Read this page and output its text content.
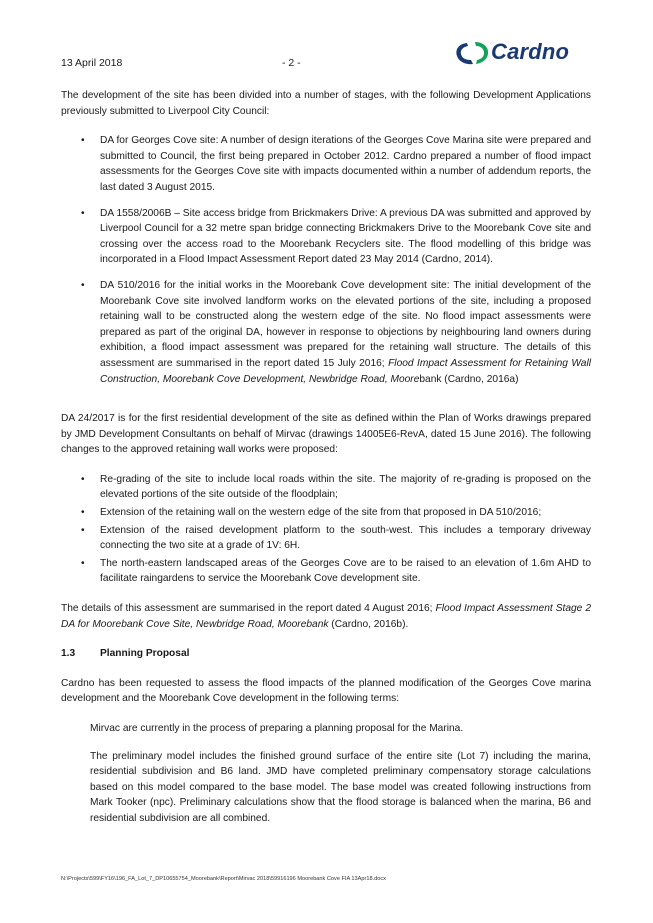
13 April 2018	- 2 -	Cardno

The development of the site has been divided into a number of stages, with the following Development Applications previously submitted to Liverpool City Council:

• DA for Georges Cove site: A number of design iterations of the Georges Cove Marina site were prepared and submitted to Council, the first being prepared in October 2012. Cardno prepared a number of flood impact assessments for the Georges Cove site with impacts documented within a number of addendum reports, the last dated 3 August 2015.
• DA 1558/2006B – Site access bridge from Brickmakers Drive: A previous DA was submitted and approved by Liverpool Council for a 32 metre span bridge connecting Brickmakers Drive to the Moorebank Cove site and crossing over the access road to the Moorebank Recyclers site. The flood modelling of this bridge was incorporated in a Flood Impact Assessment Report dated 23 May 2014 (Cardno, 2014).
• DA 510/2016 for the initial works in the Moorebank Cove development site: The initial development of the Moorebank Cove site involved landform works on the elevated portions of the site, including a proposed retaining wall to be constructed along the western edge of the site. No flood impact assessments were prepared as part of the original DA, however in response to objections by neighbouring land owners during exhibition, a flood impact assessment was prepared for the retaining wall structure. The details of this assessment are summarised in the report dated 15 July 2016; Flood Impact Assessment for Retaining Wall Construction, Moorebank Cove Development, Newbridge Road, Moorebank (Cardno, 2016a)

DA 24/2017 is for the first residential development of the site as defined within the Plan of Works drawings prepared by JMD Development Consultants on behalf of Mirvac (drawings 14005E6-RevA, dated 15 June 2016). The following changes to the approved retaining wall works were proposed:

• Re-grading of the site to include local roads within the site. The majority of re-grading is proposed on the elevated portions of the site outside of the floodplain;
• Extension of the retaining wall on the western edge of the site from that proposed in DA 510/2016;
• Extension of the raised development platform to the south-west. This includes a temporary driveway connecting the two site at a grade of 1V: 6H.
• The north-eastern landscaped areas of the Georges Cove are to be raised to an elevation of 1.6m AHD to facilitate raingardens to service the Moorebank Cove development site.

The details of this assessment are summarised in the report dated 4 August 2016; Flood Impact Assessment Stage 2 DA for Moorebank Cove Site, Newbridge Road, Moorebank (Cardno, 2016b).

1.3 Planning Proposal

Cardno has been requested to assess the flood impacts of the planned modification of the Georges Cove marina development and the Moorebank Cove development in the following terms:

Mirvac are currently in the process of preparing a planning proposal for the Marina.

The preliminary model includes the finished ground surface of the entire site (Lot 7) including the marina, residential subdivision and B6 land. JMD have completed preliminary compensatory storage calculations based on this model compared to the base model. The base model was created following instructions from Mark Tooker (npc). Preliminary calculations show that the flood storage is balanced when the marina, B6 and residential subdivision are all combined.

N:\Projects\599\FY16\196_FA_Lot_7_DP10655754_Moorebank\Report\Mirvac 2018\59916196 Moorebank Cove FIA 13Apr18.docx
